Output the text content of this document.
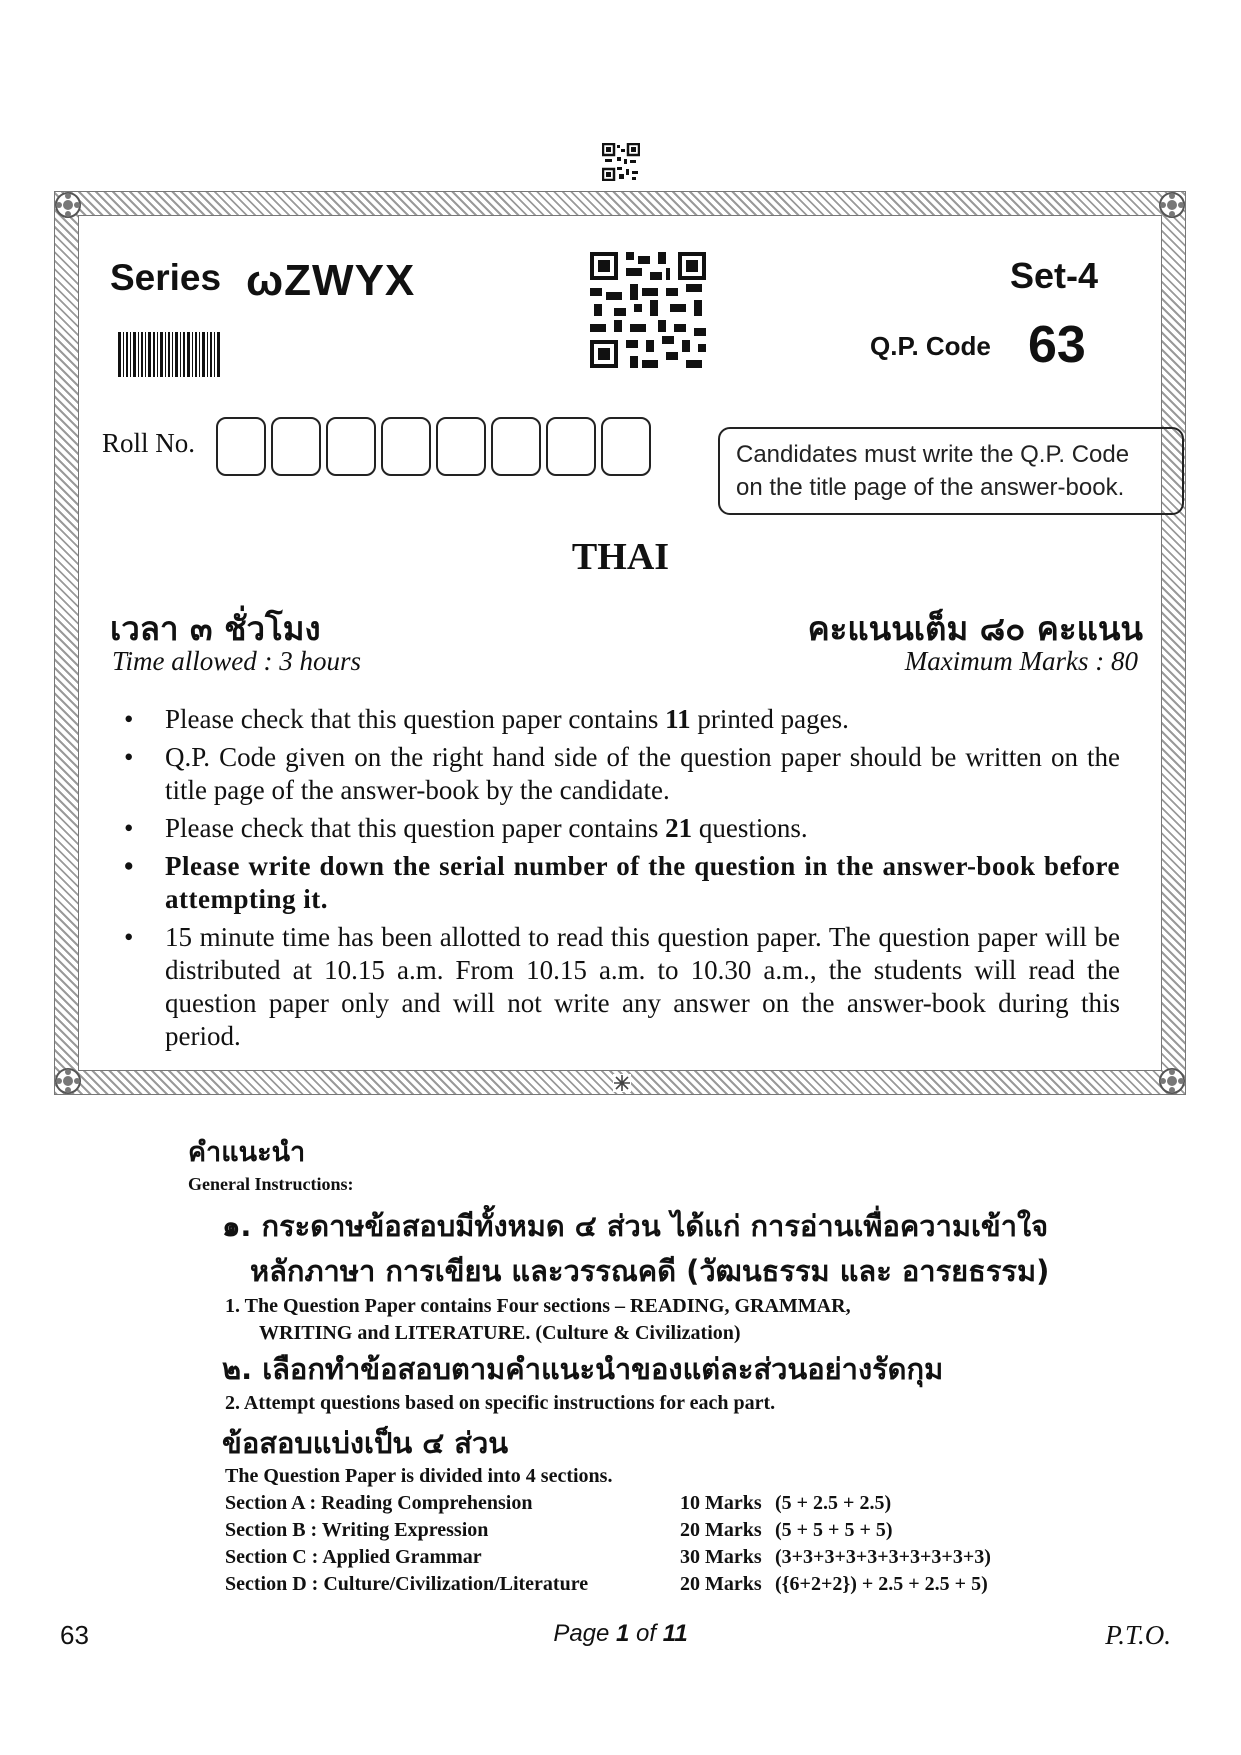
Series ωZWYX	Set-4
Q.P. Code 63
Roll No.	Candidates must write the Q.P. Code
on the title page of the answer-book.
THAI
เวลา ๓ ชั่วโมง
Time allowed : 3 hours
คะแนนเต็ม ๘๐ คะแนน
Maximum Marks : 80
• Please check that this question paper contains 11 printed pages.
• Q.P. Code given on the right hand side of the question paper should be written on the title page of the answer-book by the candidate.
• Please check that this question paper contains 21 questions.
• Please write down the serial number of the question in the answer-book before attempting it.
• 15 minute time has been allotted to read this question paper. The question paper will be distributed at 10.15 a.m. From 10.15 a.m. to 10.30 a.m., the students will read the question paper only and will not write any answer on the answer-book during this period.
คำแนะนำ
General Instructions:
๑. กระดาษข้อสอบมีทั้งหมด ๔ ส่วน ได้แก่ การอ่านเพื่อความเข้าใจ
หลักภาษา การเขียน และวรรณคดี (วัฒนธรรม และ อารยธรรม)
1. The Question Paper contains Four sections – READING, GRAMMAR,
WRITING and LITERATURE. (Culture & Civilization)
๒. เลือกทำข้อสอบตามคำแนะนำของแต่ละส่วนอย่างรัดกุม
2. Attempt questions based on specific instructions for each part.
ข้อสอบแบ่งเป็น ๔ ส่วน
The Question Paper is divided into 4 sections.
Section A : Reading Comprehension	10 Marks	(5 + 2.5 + 2.5)
Section B : Writing Expression	20 Marks	(5 + 5 + 5 + 5)
Section C : Applied Grammar	30 Marks	(3+3+3+3+3+3+3+3+3+3)
Section D : Culture/Civilization/Literature	20 Marks	({6+2+2}) + 2.5 + 2.5 + 5)
63	Page 1 of 11	P.T.O.
